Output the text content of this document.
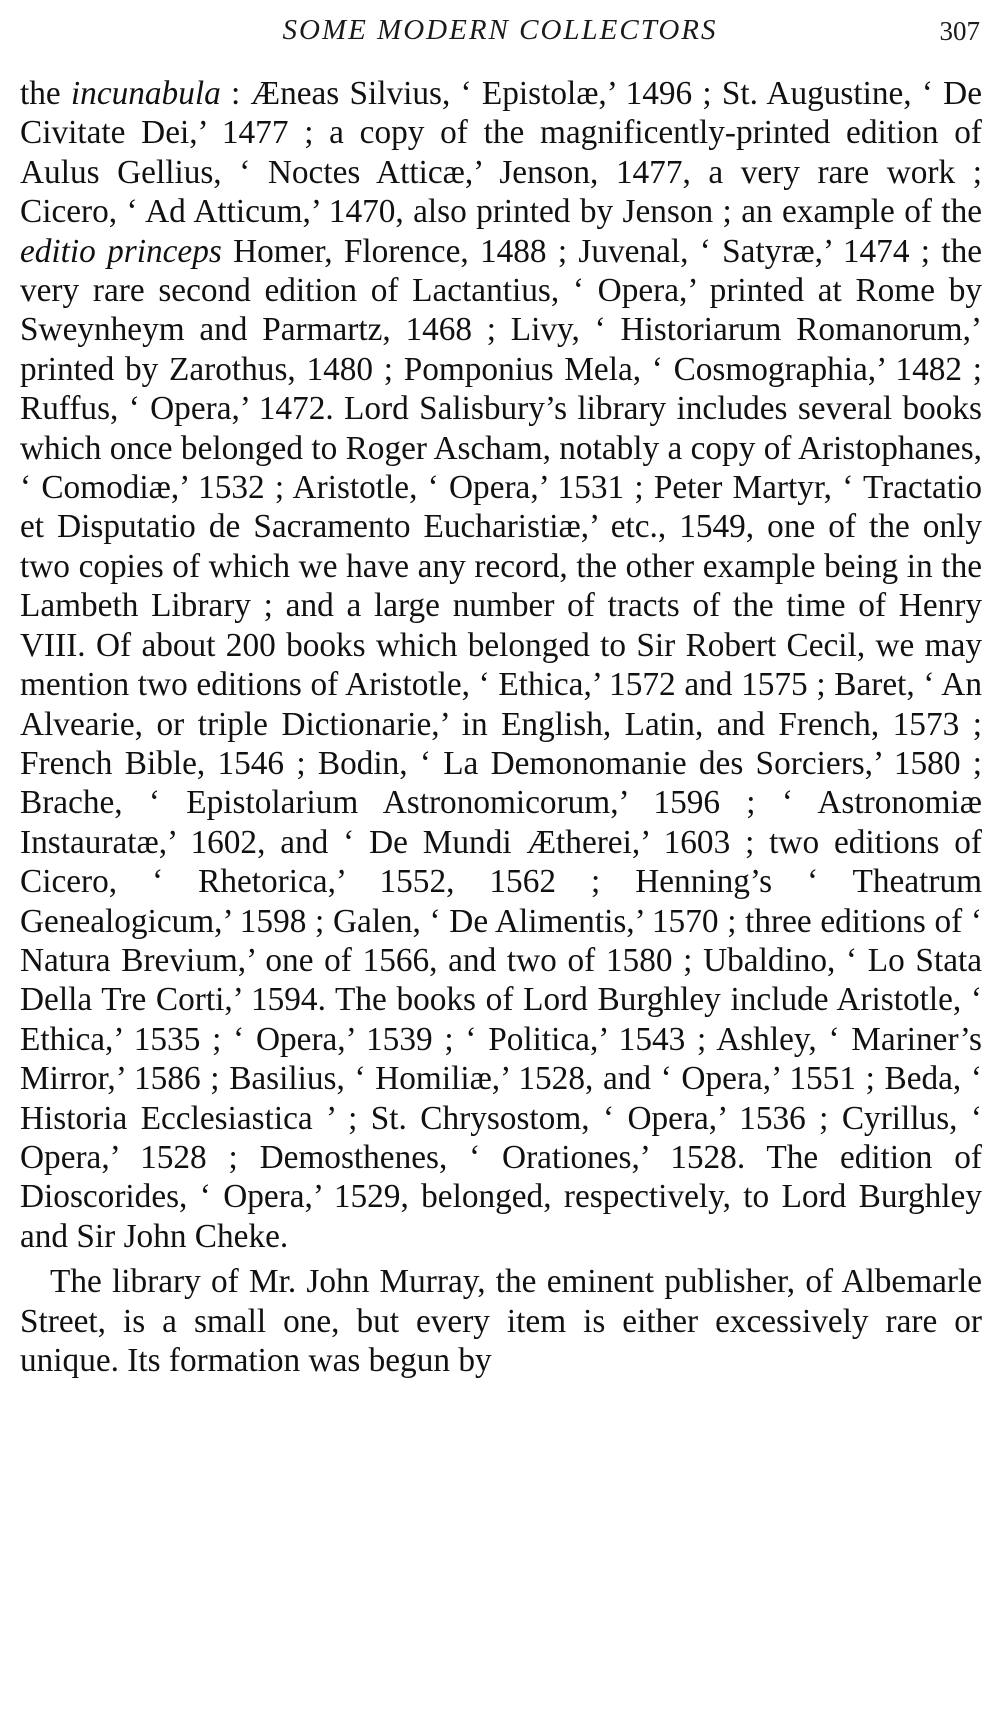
SOME MODERN COLLECTORS	307

the incunabula : Æneas Silvius, ‘ Epistolæ,’ 1496 ; St. Augustine, ‘ De Civitate Dei,’ 1477 ; a copy of the magnificently-printed edition of Aulus Gellius, ‘ Noctes Atticæ,’ Jenson, 1477, a very rare work ; Cicero, ‘ Ad Atticum,’ 1470, also printed by Jenson ; an example of the editio princeps Homer, Florence, 1488 ; Juvenal, ‘ Satyræ,’ 1474 ; the very rare second edition of Lactantius, ‘ Opera,’ printed at Rome by Sweynheym and Parmartz, 1468 ; Livy, ‘ Historiarum Romanorum,’ printed by Zarothus, 1480 ; Pomponius Mela, ‘ Cosmographia,’ 1482 ; Ruffus, ‘ Opera,’ 1472. Lord Salisbury’s library includes several books which once belonged to Roger Ascham, notably a copy of Aristophanes, ‘ Comodiæ,’ 1532 ; Aristotle, ‘ Opera,’ 1531 ; Peter Martyr, ‘ Tractatio et Disputatio de Sacramento Eucharistiæ,’ etc., 1549, one of the only two copies of which we have any record, the other example being in the Lambeth Library ; and a large number of tracts of the time of Henry VIII. Of about 200 books which belonged to Sir Robert Cecil, we may mention two editions of Aristotle, ‘ Ethica,’ 1572 and 1575 ; Baret, ‘ An Alvearie, or triple Dictionarie,’ in English, Latin, and French, 1573 ; French Bible, 1546 ; Bodin, ‘ La Demonomanie des Sorciers,’ 1580 ; Brache, ‘ Epistolarium Astronomicorum,’ 1596 ; ‘ Astronomiæ Instauratæ,’ 1602, and ‘ De Mundi Ætherei,’ 1603 ; two editions of Cicero, ‘ Rhetorica,’ 1552, 1562 ; Henning’s ‘ Theatrum Genealogicum,’ 1598 ; Galen, ‘ De Alimentis,’ 1570 ; three editions of ‘ Natura Brevium,’ one of 1566, and two of 1580 ; Ubaldino, ‘ Lo Stata Della Tre Corti,’ 1594. The books of Lord Burghley include Aristotle, ‘ Ethica,’ 1535 ; ‘ Opera,’ 1539 ; ‘ Politica,’ 1543 ; Ashley, ‘ Mariner’s Mirror,’ 1586 ; Basilius, ‘ Homiliæ,’ 1528, and ‘ Opera,’ 1551 ; Beda, ‘ Historia Ecclesiastica ’ ; St. Chrysostom, ‘ Opera,’ 1536 ; Cyrillus, ‘ Opera,’ 1528 ; Demosthenes, ‘ Orationes,’ 1528. The edition of Dioscorides, ‘ Opera,’ 1529, belonged, respectively, to Lord Burghley and Sir John Cheke.

The library of Mr. John Murray, the eminent publisher, of Albemarle Street, is a small one, but every item is either excessively rare or unique. Its formation was begun by
